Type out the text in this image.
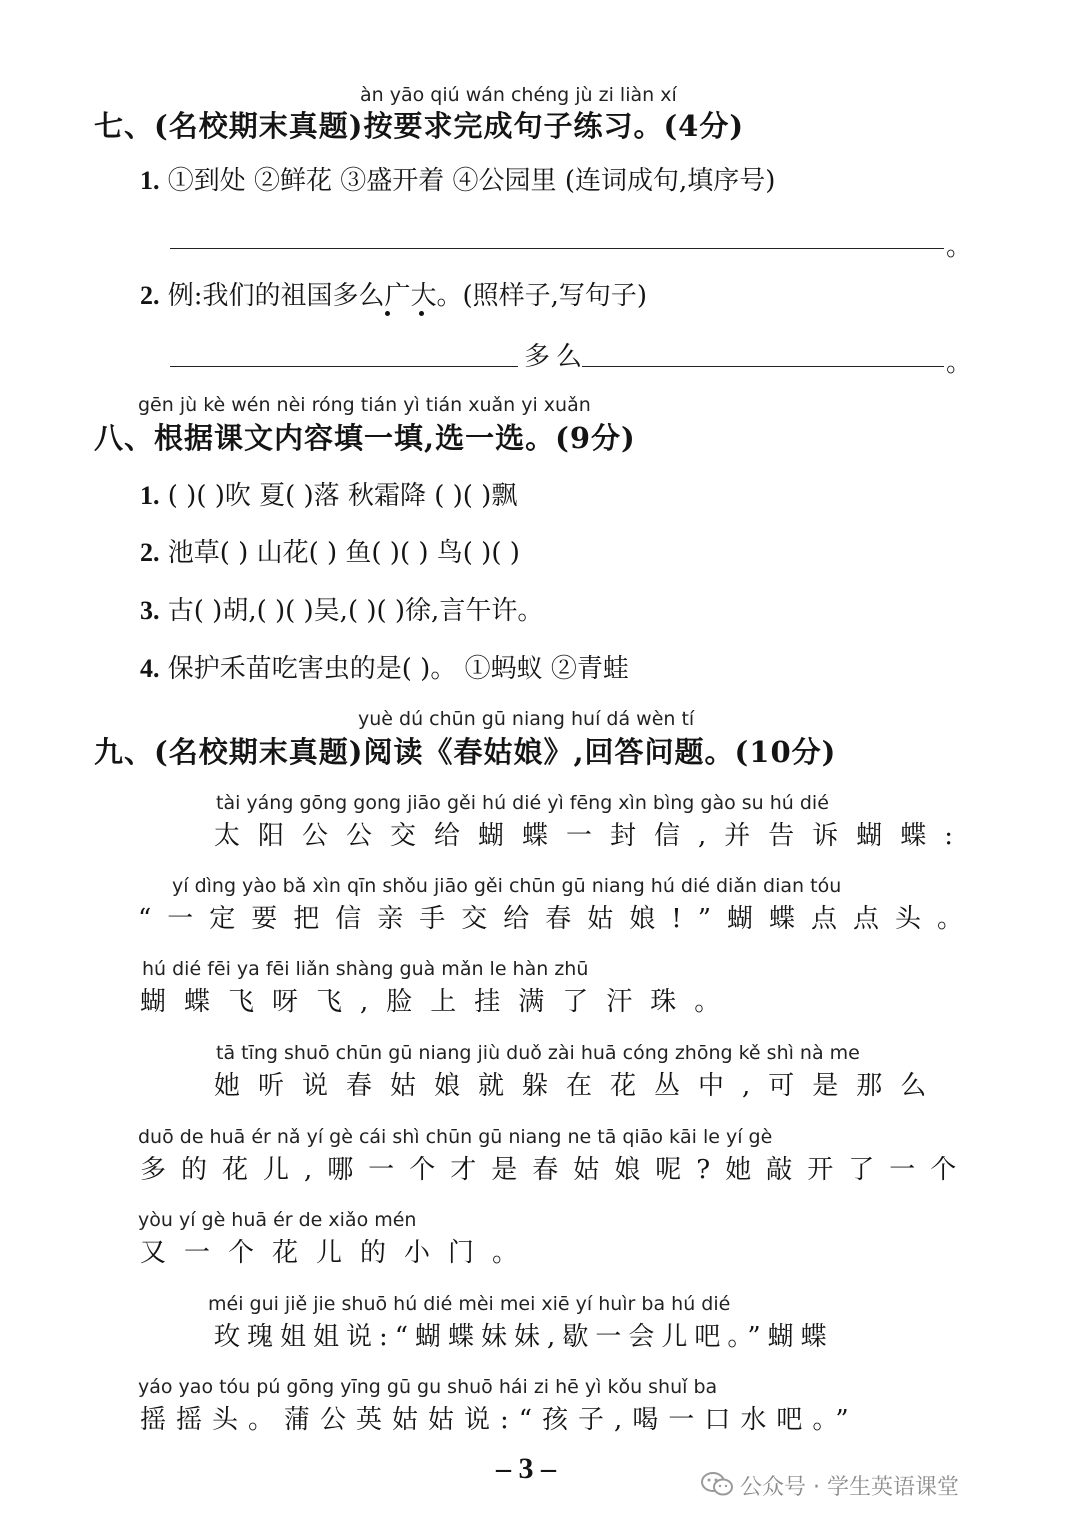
àn yāo qiú wán chéng jù zi liàn xí
七、(名校期末真题)按要求完成句子练习。(4分)
1. ①到处 ②鲜花 ③盛开着 ④公园里 (连词成句,填序号)
。
2. 例:我们的祖国多么广大。(照样子,写句子)
多么	。
gēn jù kè wén nèi róng tián yì tián xuǎn yi xuǎn
八、根据课文内容填一填,选一选。(9分)
1. ( )( )吹 夏( )落 秋霜降 ( )( )飘
2. 池草( ) 山花( ) 鱼( )( ) 鸟( )( )
3. 古( )胡,( )( )吴,( )( )徐,言午许。
4. 保护禾苗吃害虫的是( )。 ①蚂蚁 ②青蛙
yuè dú chūn gū niang huí dá wèn tí
九、(名校期末真题)阅读《春姑娘》,回答问题。(10分)
tài yáng gōng gong jiāo gěi hú dié yì fēng xìn bìng gào su hú dié
太阳公公交给蝴蝶一封信,并告诉蝴蝶:
yí dìng yào bǎ xìn qīn shǒu jiāo gěi chūn gū niang hú dié diǎn dian tóu
“一定要把信亲手交给春姑娘!”蝴蝶点点头。
hú dié fēi ya fēi liǎn shàng guà mǎn le hàn zhū
蝴蝶飞呀飞,脸上挂满了汗珠。
tā tīng shuō chūn gū niang jiù duǒ zài huā cóng zhōng kě shì nà me
她听说春姑娘就躲在花丛中,可是那么
duō de huā ér nǎ yí gè cái shì chūn gū niang ne tā qiāo kāi le yí gè
多的花儿,哪一个才是春姑娘呢?她敲开了一个
yòu yí gè huā ér de xiǎo mén
又一个花儿的小门。
méi gui jiě jie shuō hú dié mèi mei xiē yí huìr ba hú dié
玫瑰姐姐说:“蝴蝶妹妹,歇一会儿吧。”蝴蝶
yáo yao tóu pú gōng yīng gū gu shuō hái zi hē yì kǒu shuǐ ba
摇摇头。蒲公英姑姑说:“孩子,喝一口水吧。”
– 3 –
公众号 · 学生英语课堂
